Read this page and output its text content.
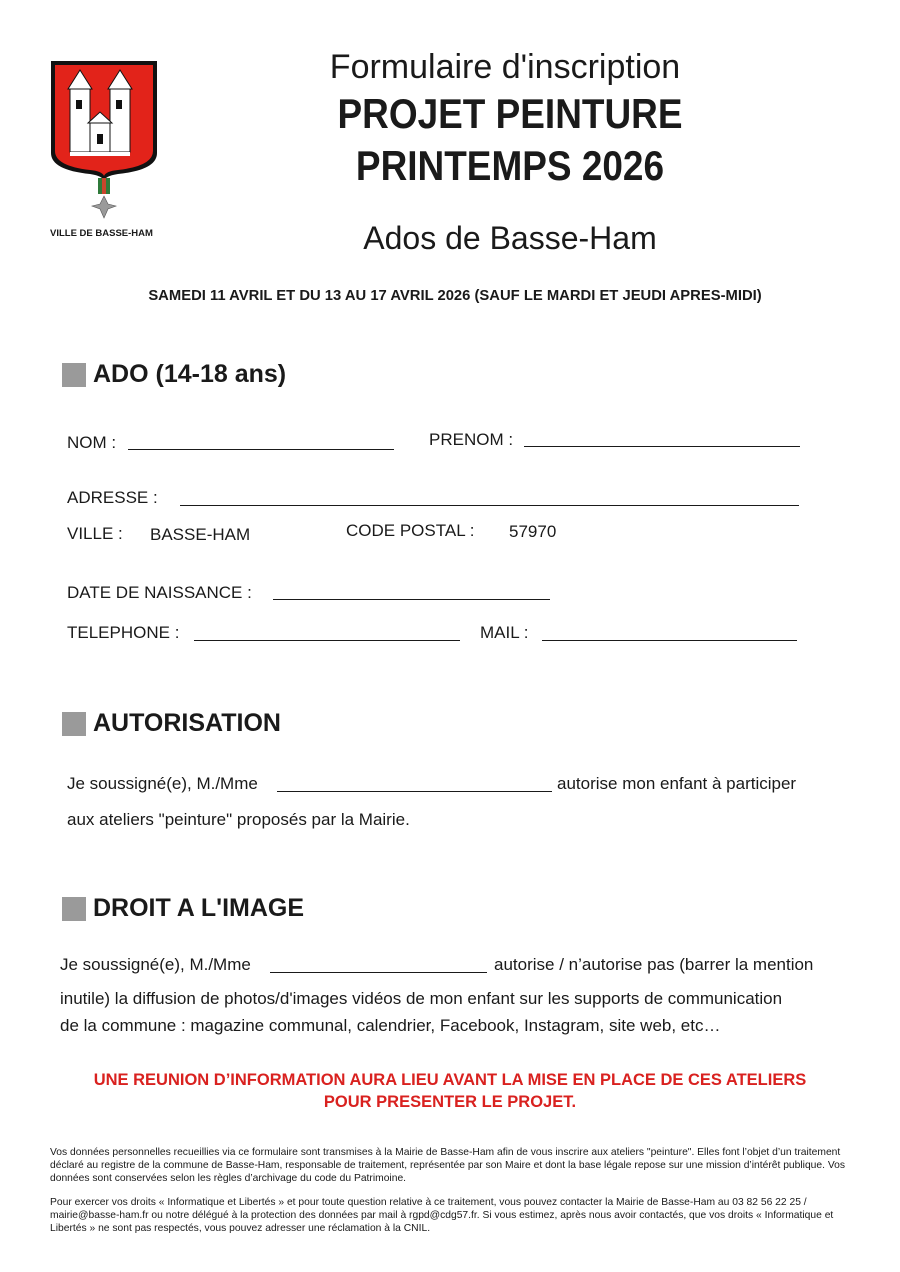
VILLE DE BASSE-HAM
Formulaire d'inscription
PROJET PEINTURE
PRINTEMPS 2026
Ados de Basse-Ham
SAMEDI 11 AVRIL ET DU 13 AU 17 AVRIL 2026 (SAUF LE MARDI ET JEUDI APRES-MIDI)
ADO (14-18 ans)
NOM :	PRENOM :
ADRESSE :
VILLE : BASSE-HAM	CODE POSTAL : 57970
DATE DE NAISSANCE :
TELEPHONE :	MAIL :
AUTORISATION
Je soussigné(e), M./Mme	autorise mon enfant à participer
aux ateliers "peinture" proposés par la Mairie.
DROIT A L'IMAGE
Je soussigné(e), M./Mme	autorise / n’autorise pas (barrer la mention
inutile) la diffusion de photos/d'images vidéos de mon enfant sur les supports de communication
de la commune : magazine communal, calendrier, Facebook, Instagram, site web, etc…
UNE REUNION D’INFORMATION AURA LIEU AVANT LA MISE EN PLACE DE CES ATELIERS
POUR PRESENTER LE PROJET.
Vos données personnelles recueillies via ce formulaire sont transmises à la Mairie de Basse-Ham afin de vous inscrire aux ateliers "peinture". Elles font l’objet d’un traitement déclaré au registre de la commune de Basse-Ham, responsable de traitement, représentée par son Maire et dont la base légale repose sur une mission d’intérêt publique. Vos données sont conservées selon les règles d’archivage du code du Patrimoine.
Pour exercer vos droits « Informatique et Libertés » et pour toute question relative à ce traitement, vous pouvez contacter la Mairie de Basse-Ham au 03 82 56 22 25 / mairie@basse-ham.fr ou notre délégué à la protection des données par mail à rgpd@cdg57.fr. Si vous estimez, après nous avoir contactés, que vos droits « Informatique et Libertés » ne sont pas respectés, vous pouvez adresser une réclamation à la CNIL.
